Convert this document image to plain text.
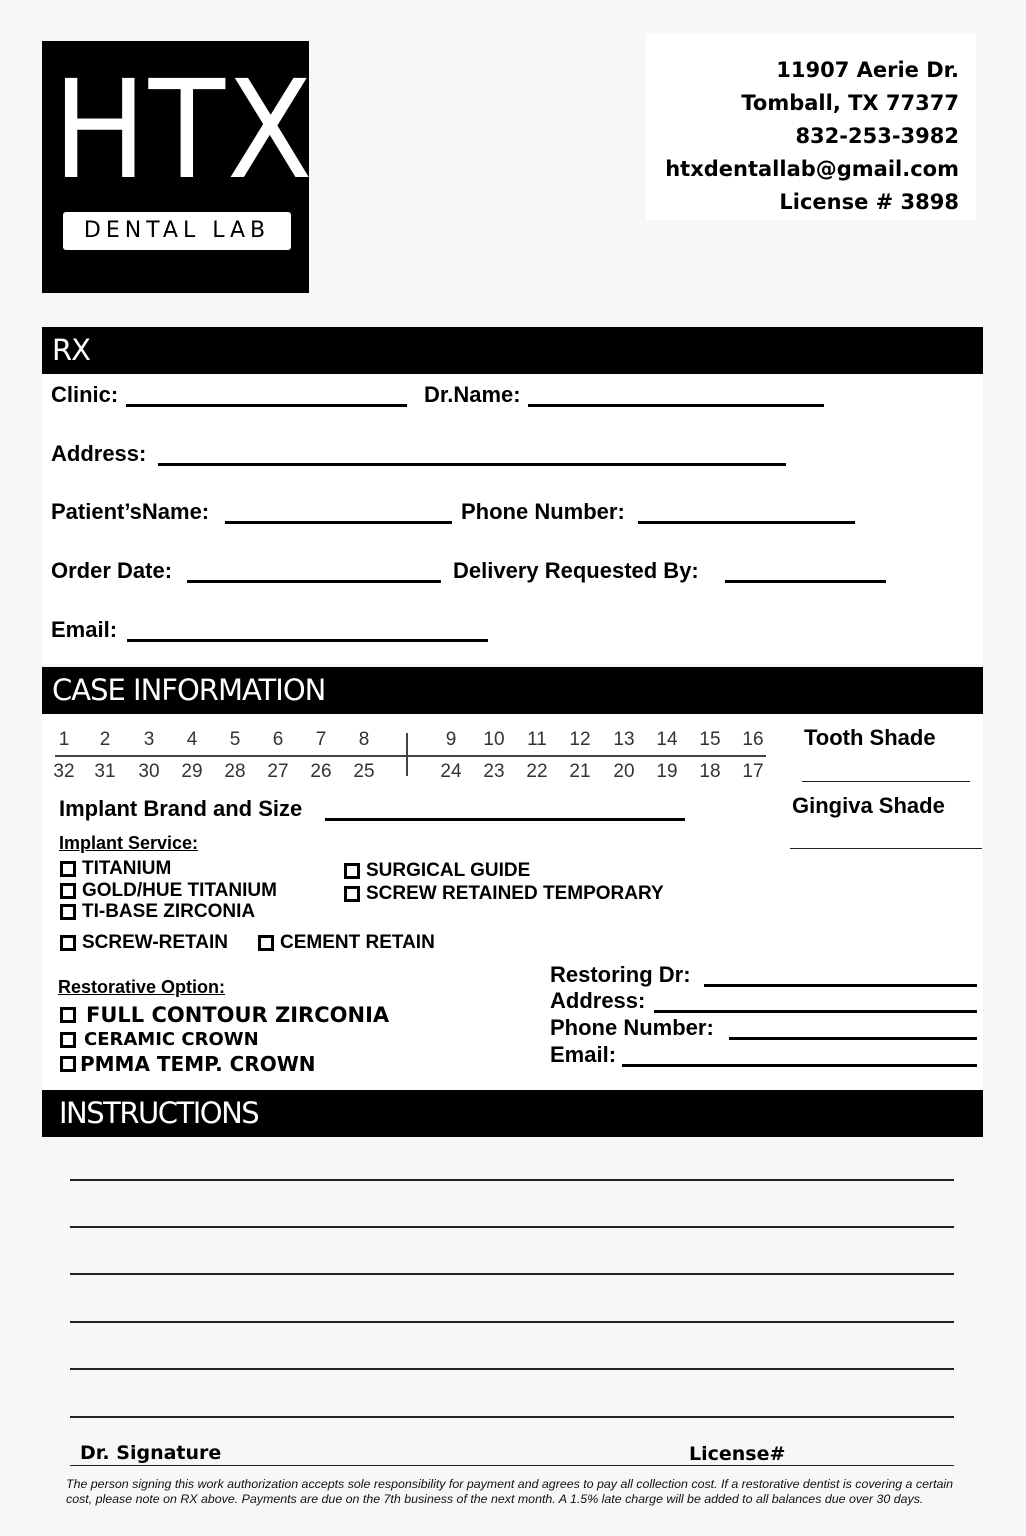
HTX
DENTAL LAB
11907 Aerie Dr.
Tomball, TX 77377
832-253-3982
htxdentallab@gmail.com
License # 3898
RX
Clinic:	Dr.Name:
Address:
Patient’sName:	Phone Number:
Order Date:	Delivery Requested By:
Email:
CASE INFORMATION
1	2	3	4	5	6	7	8	9	10	11	12	13	14	15	16
32	31	30	29	28	27	26	25	24	23	22	21	20	19	18	17
Tooth Shade
Gingiva Shade
Implant Brand and Size
Implant Service:
TITANIUM
GOLD/HUE TITANIUM
TI-BASE ZIRCONIA
SURGICAL GUIDE
SCREW RETAINED TEMPORARY
SCREW-RETAIN	CEMENT RETAIN
Restorative Option:
FULL CONTOUR ZIRCONIA
CERAMIC CROWN
PMMA TEMP. CROWN
Restoring Dr:
Address:
Phone Number:
Email:
INSTRUCTIONS
Dr. Signature	License#
The person signing this work authorization accepts sole responsibility for payment and agrees to pay all collection cost. If a restorative dentist is covering a certain cost, please note on RX above. Payments are due on the 7th business of the next month. A 1.5% late charge will be added to all balances due over 30 days.
